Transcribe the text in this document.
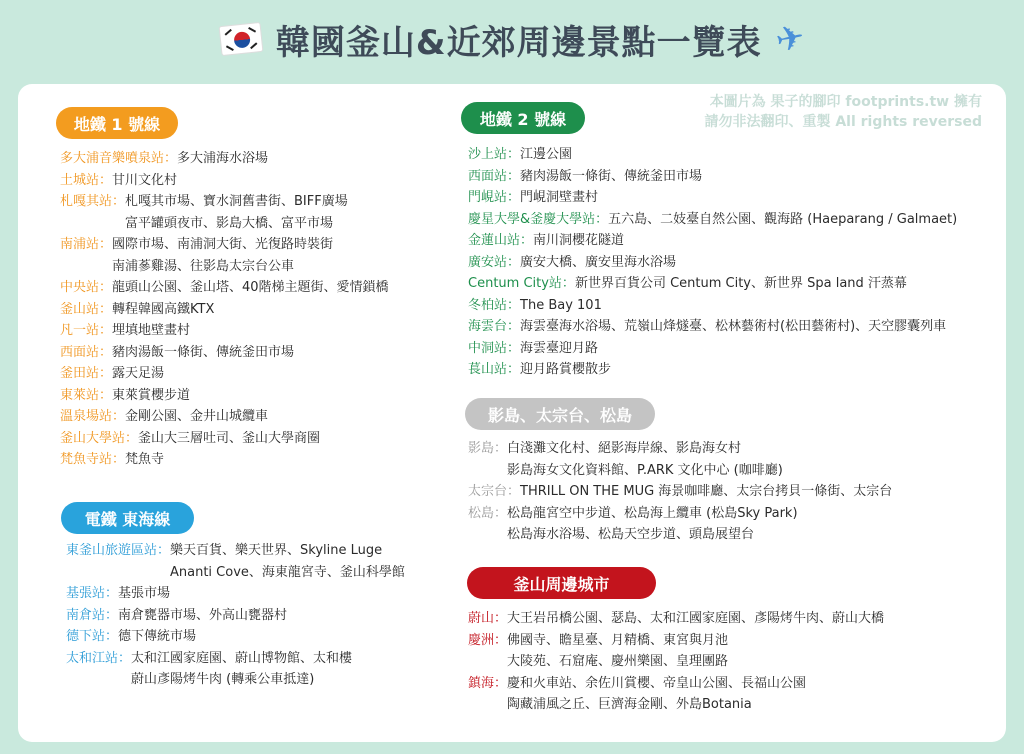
韓國釜山&近郊周邊景點一覽表 ✈
本圖片為 果子的腳印 footprints.tw 擁有
請勿非法翻印、重製 All rights reversed
地鐵 1 號線
多大浦音樂噴泉站：多大浦海水浴場
土城站：甘川文化村
札嘎其站：札嘎其市場、寶水洞舊書街、BIFF廣場
富平罐頭夜市、影島大橋、富平市場
南浦站：國際市場、南浦洞大街、光復路時裝街
南浦蔘雞湯、往影島太宗台公車
中央站：龍頭山公園、釜山塔、40階梯主題街、愛情鎖橋
釜山站：轉程韓國高鐵KTX
凡一站：埋填地壁畫村
西面站：豬肉湯飯一條街、傳統釜田市場
釜田站：露天足湯
東萊站：東萊賞櫻步道
溫泉場站：金剛公園、金井山城纜車
釜山大學站：釜山大三層吐司、釜山大學商圈
梵魚寺站：梵魚寺
電鐵 東海線
東釜山旅遊區站：樂天百貨、樂天世界、Skyline Luge
Ananti Cove、海東龍宮寺、釜山科學館
基張站：基張市場
南倉站：南倉甕器市場、外高山甕器村
德下站：德下傳統市場
太和江站：太和江國家庭園、蔚山博物館、太和樓
蔚山彥陽烤牛肉 (轉乘公車抵達)
地鐵 2 號線
沙上站：江邊公園
西面站：豬肉湯飯一條街、傳統釜田市場
門峴站：門峴洞壁畫村
慶星大學&釜慶大學站：五六島、二妓臺自然公園、觀海路 (Haeparang / Galmaet)
金蓮山站：南川洞櫻花隧道
廣安站：廣安大橋、廣安里海水浴場
Centum City站：新世界百貨公司 Centum City、新世界 Spa land 汗蒸幕
冬柏站：The Bay 101
海雲台：海雲臺海水浴場、荒嶺山烽燧臺、松林藝術村(松田藝術村)、天空膠囊列車
中洞站：海雲臺迎月路
萇山站：迎月路賞櫻散步
影島、太宗台、松島
影島：白淺灘文化村、絕影海岸線、影島海女村
影島海女文化資料館、P.ARK 文化中心 (咖啡廳)
太宗台：THRILL ON THE MUG 海景咖啡廳、太宗台拷貝一條街、太宗台
松島：松島龍宮空中步道、松島海上纜車 (松島Sky Park)
松島海水浴場、松島天空步道、頭島展望台
釜山周邊城市
蔚山：大王岩吊橋公園、瑟島、太和江國家庭園、彥陽烤牛肉、蔚山大橋
慶洲：佛國寺、瞻星臺、月精橋、東宮與月池
大陵苑、石窟庵、慶州樂園、皇理團路
鎮海：慶和火車站、余佐川賞櫻、帝皇山公園、長福山公園
陶藏浦風之丘、巨濟海金剛、外島Botania
